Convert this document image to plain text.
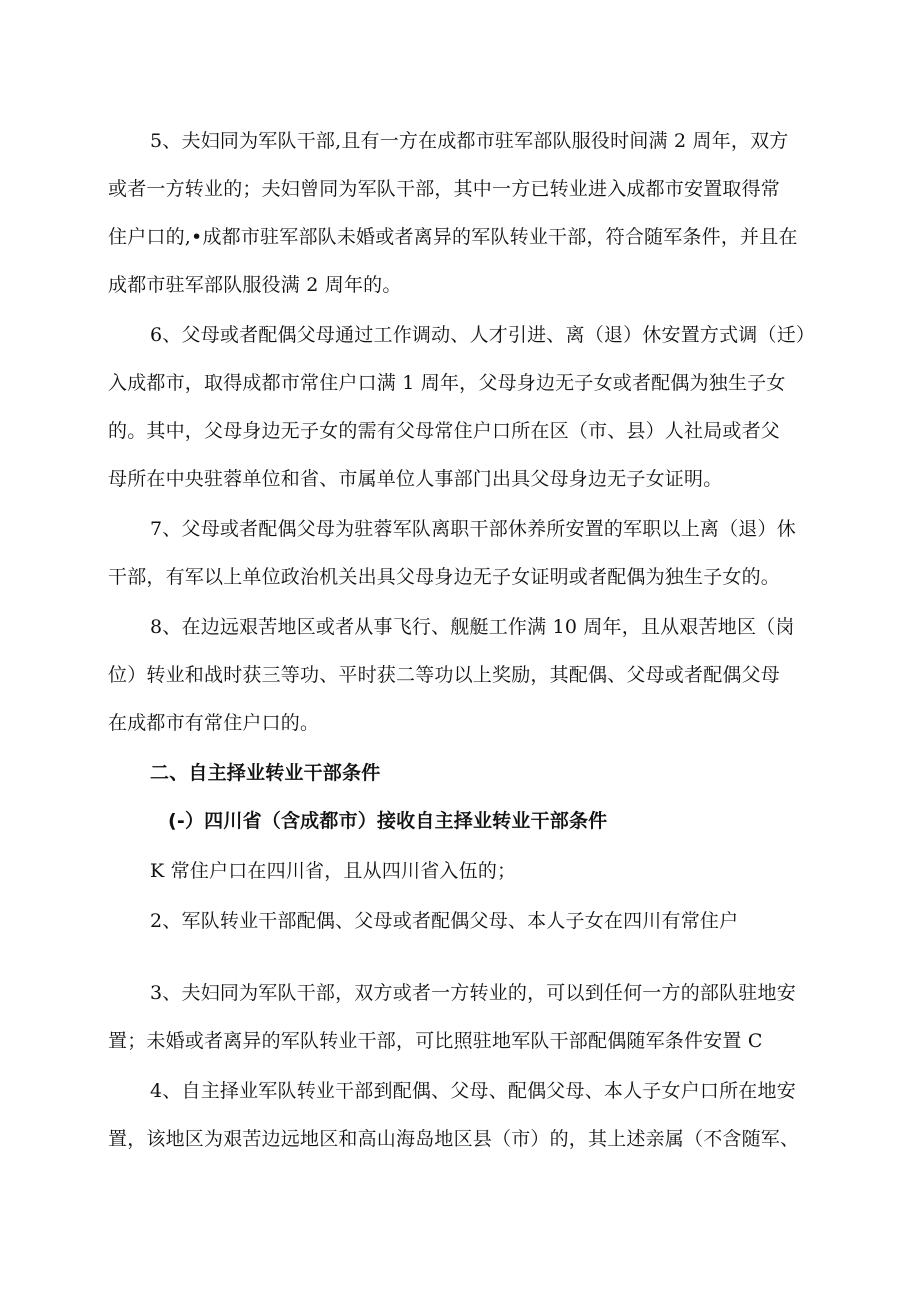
5、夫妇同为军队干部,且有一方在成都市驻军部队服役时间满 2 周年，双方
或者一方转业的；夫妇曾同为军队干部，其中一方已转业进入成都市安置取得常
住户口的,•成都市驻军部队未婚或者离异的军队转业干部，符合随军条件，并且在
成都市驻军部队服役满 2 周年的。
6、父母或者配偶父母通过工作调动、人才引进、离（退）休安置方式调（迁）
入成都市，取得成都市常住户口满 1 周年，父母身边无子女或者配偶为独生子女
的。其中，父母身边无子女的需有父母常住户口所在区（市、县）人社局或者父
母所在中央驻蓉单位和省、市属单位人事部门出具父母身边无子女证明。
7、父母或者配偶父母为驻蓉军队离职干部休养所安置的军职以上离（退）休
干部，有军以上单位政治机关出具父母身边无子女证明或者配偶为独生子女的。
8、在边远艰苦地区或者从事飞行、舰艇工作满 10 周年，且从艰苦地区（岗
位）转业和战时获三等功、平时获二等功以上奖励，其配偶、父母或者配偶父母
在成都市有常住户口的。
二、自主择业转业干部条件
(-）四川省（含成都市）接收自主择业转业干部条件
K 常住户口在四川省，且从四川省入伍的；
2、军队转业干部配偶、父母或者配偶父母、本人子女在四川有常住户
3、夫妇同为军队干部，双方或者一方转业的，可以到任何一方的部队驻地安
置；未婚或者离异的军队转业干部，可比照驻地军队干部配偶随军条件安置 C
4、自主择业军队转业干部到配偶、父母、配偶父母、本人子女户口所在地安
置，该地区为艰苦边远地区和高山海岛地区县（市）的，其上述亲属（不含随军、
